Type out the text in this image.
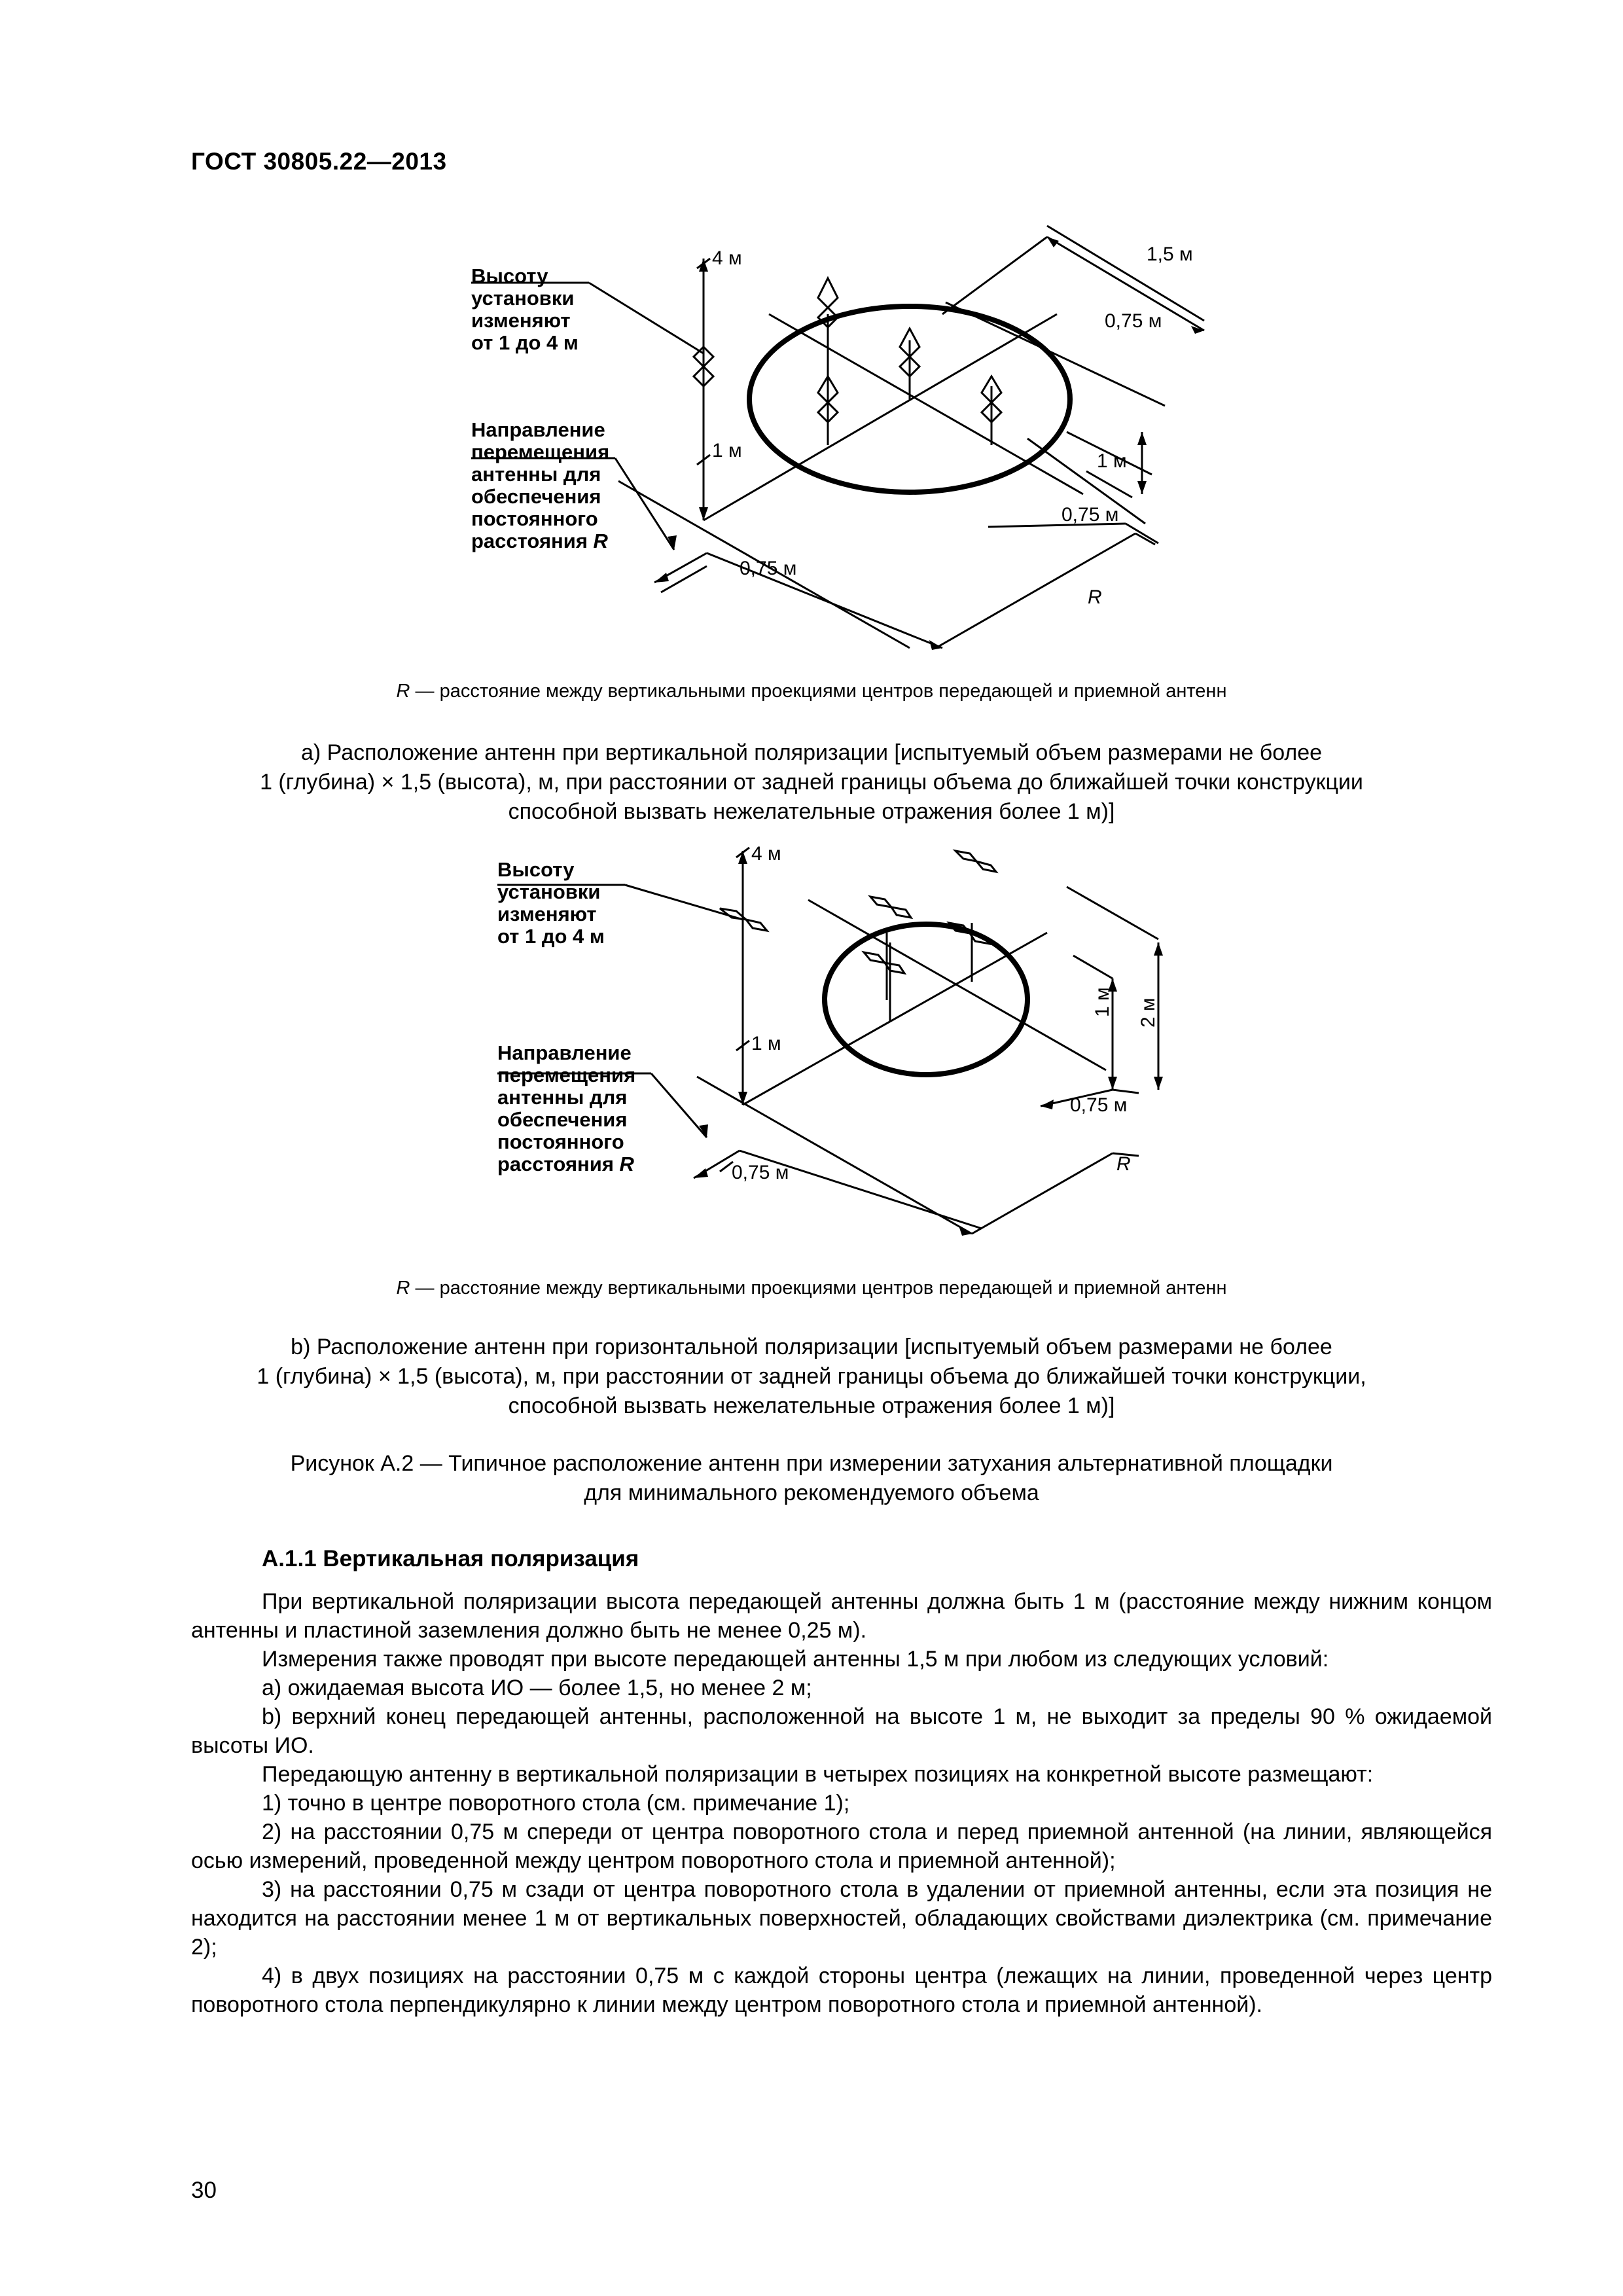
ГОСТ 30805.22—2013
Высоту
установки
изменяют
от 1 до 4 м
Направление
перемещения
антенны для
обеспечения
постоянного
расстояния R
4 м
1 м
1,5 м
0,75 м
1 м
0,75 м
0,75 м
R
R — расстояние между вертикальными проекциями центров передающей и приемной антенн
а) Расположение антенн при вертикальной поляризации [испытуемый объем размерами не более
1 (глубина) × 1,5 (высота), м, при расстоянии от задней границы объема до ближайшей точки конструкции
способной вызвать нежелательные отражения более 1 м)]
Высоту
установки
изменяют
от 1 до 4 м
Направление
перемещения
антенны для
обеспечения
постоянного
расстояния R
4 м
1 м
1 м 2 м
0,75 м
0,75 м	R
R — расстояние между вертикальными проекциями центров передающей и приемной антенн
b) Расположение антенн при горизонтальной поляризации [испытуемый объем размерами не более
1 (глубина) × 1,5 (высота), м, при расстоянии от задней границы объема до ближайшей точки конструкции,
способной вызвать нежелательные отражения более 1 м)]
Рисунок А.2 — Типичное расположение антенн при измерении затухания альтернативной площадки
для минимального рекомендуемого объема
А.1.1 Вертикальная поляризация

При вертикальной поляризации высота передающей антенны должна быть 1 м (расстояние между нижним концом антенны и пластиной заземления должно быть не менее 0,25 м).

Измерения также проводят при высоте передающей антенны 1,5 м при любом из следующих условий:

а) ожидаемая высота ИО — более 1,5, но менее 2 м;

b) верхний конец передающей антенны, расположенной на высоте 1 м, не выходит за пределы 90 % ожидаемой высоты ИО.

Передающую антенну в вертикальной поляризации в четырех позициях на конкретной высоте размещают:

1) точно в центре поворотного стола (см. примечание 1);

2) на расстоянии 0,75 м спереди от центра поворотного стола и перед приемной антенной (на линии, являющейся осью измерений, проведенной между центром поворотного стола и приемной антенной);

3) на расстоянии 0,75 м сзади от центра поворотного стола в удалении от приемной антенны, если эта позиция не находится на расстоянии менее 1 м от вертикальных поверхностей, обладающих свойствами диэлектрика (см. примечание 2);

4) в двух позициях на расстоянии 0,75 м с каждой стороны центра (лежащих на линии, проведенной через центр поворотного стола перпендикулярно к линии между центром поворотного стола и приемной антенной).

30
